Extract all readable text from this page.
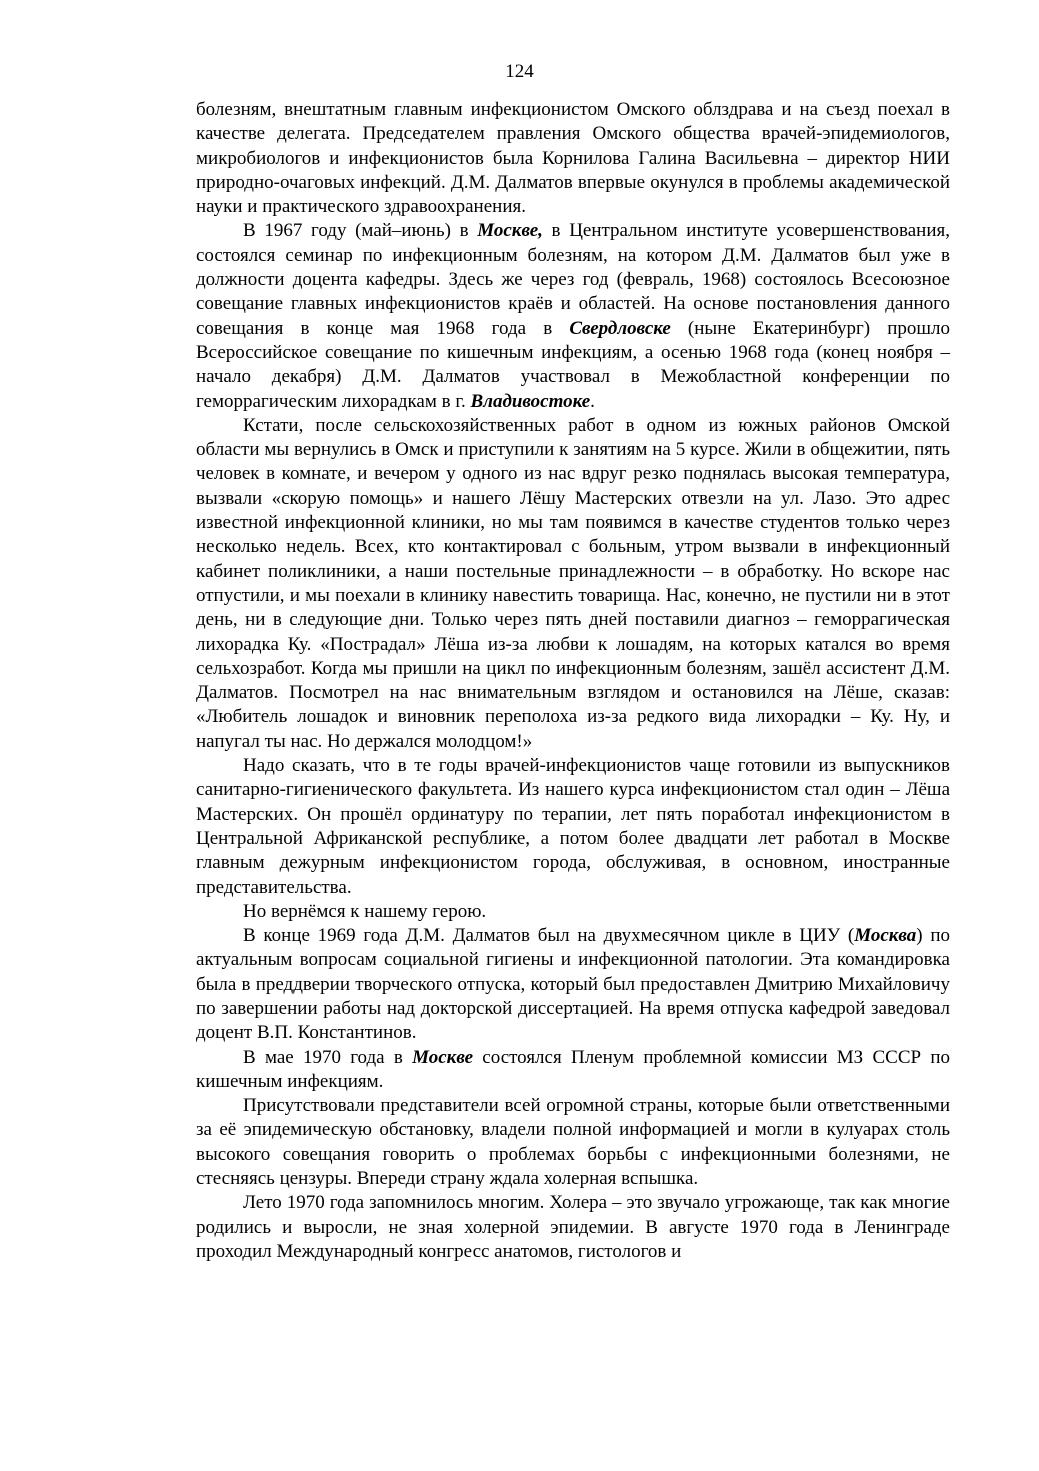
124

болезням, внештатным главным инфекционистом Омского облздрава и на съезд поехал в качестве делегата. Председателем правления Омского общества врачей-эпидемиологов, микробиологов и инфекционистов была Корнилова Галина Васильевна – директор НИИ природно-очаговых инфекций. Д.М. Далматов впервые окунулся в проблемы академической науки и практического здравоохранения.

В 1967 году (май–июнь) в Москве, в Центральном институте усовершенствования, состоялся семинар по инфекционным болезням, на котором Д.М. Далматов был уже в должности доцента кафедры. Здесь же через год (февраль, 1968) состоялось Всесоюзное совещание главных инфекционистов краёв и областей. На основе постановления данного совещания в конце мая 1968 года в Свердловске (ныне Екатеринбург) прошло Всероссийское совещание по кишечным инфекциям, а осенью 1968 года (конец ноября – начало декабря) Д.М. Далматов участвовал в Межобластной конференции по геморрагическим лихорадкам в г. Владивостоке.

Кстати, после сельскохозяйственных работ в одном из южных районов Омской области мы вернулись в Омск и приступили к занятиям на 5 курсе. Жили в общежитии, пять человек в комнате, и вечером у одного из нас вдруг резко поднялась высокая температура, вызвали «скорую помощь» и нашего Лёшу Мастерских отвезли на ул. Лазо. Это адрес известной инфекционной клиники, но мы там появимся в качестве студентов только через несколько недель. Всех, кто контактировал с больным, утром вызвали в инфекционный кабинет поликлиники, а наши постельные принадлежности – в обработку. Но вскоре нас отпустили, и мы поехали в клинику навестить товарища. Нас, конечно, не пустили ни в этот день, ни в следующие дни. Только через пять дней поставили диагноз – геморрагическая лихорадка Ку. «Пострадал» Лёша из-за любви к лошадям, на которых катался во время сельхозработ. Когда мы пришли на цикл по инфекционным болезням, зашёл ассистент Д.М. Далматов. Посмотрел на нас внимательным взглядом и остановился на Лёше, сказав: «Любитель лошадок и виновник переполоха из-за редкого вида лихорадки – Ку. Ну, и напугал ты нас. Но держался молодцом!»

Надо сказать, что в те годы врачей-инфекционистов чаще готовили из выпускников санитарно-гигиенического факультета. Из нашего курса инфекционистом стал один – Лёша Мастерских. Он прошёл ординатуру по терапии, лет пять поработал инфекционистом в Центральной Африканской республике, а потом более двадцати лет работал в Москве главным дежурным инфекционистом города, обслуживая, в основном, иностранные представительства.

Но вернёмся к нашему герою.

В конце 1969 года Д.М. Далматов был на двухмесячном цикле в ЦИУ (Москва) по актуальным вопросам социальной гигиены и инфекционной патологии. Эта командировка была в преддверии творческого отпуска, который был предоставлен Дмитрию Михайловичу по завершении работы над докторской диссертацией. На время отпуска кафедрой заведовал доцент В.П. Константинов.

В мае 1970 года в Москве состоялся Пленум проблемной комиссии МЗ СССР по кишечным инфекциям.

Присутствовали представители всей огромной страны, которые были ответственными за её эпидемическую обстановку, владели полной информацией и могли в кулуарах столь высокого совещания говорить о проблемах борьбы с инфекционными болезнями, не стесняясь цензуры. Впереди страну ждала холерная вспышка.

Лето 1970 года запомнилось многим. Холера – это звучало угрожающе, так как многие родились и выросли, не зная холерной эпидемии. В августе 1970 года в Ленинграде проходил Международный конгресс анатомов, гистологов и
